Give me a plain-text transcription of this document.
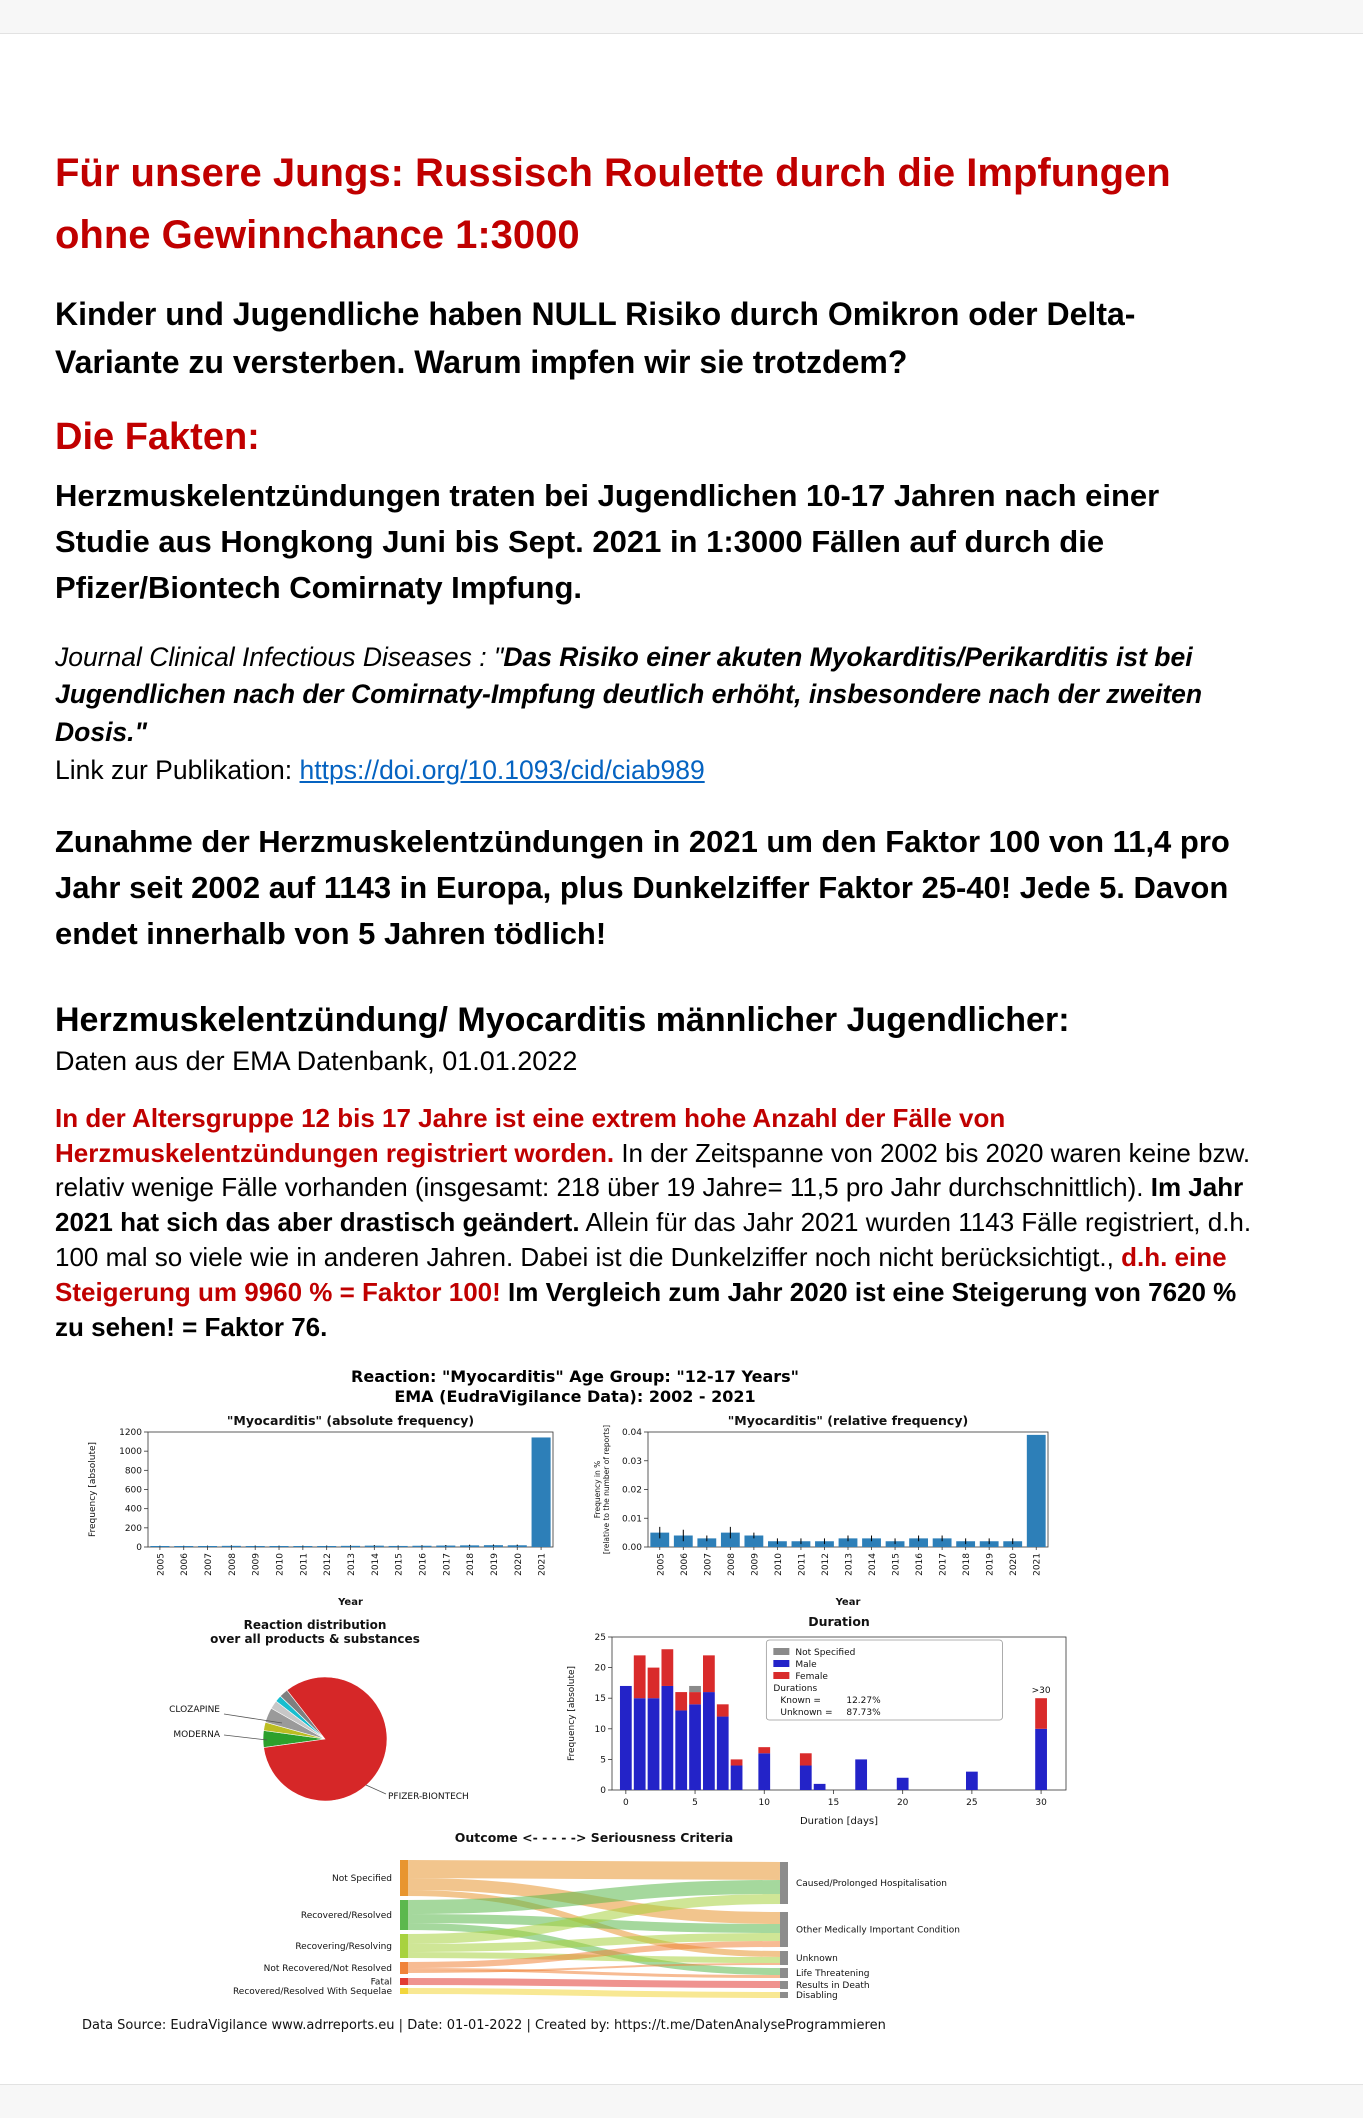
Für unsere Jungs: Russisch Roulette durch die Impfungen ohne Gewinnchance 1:3000

Kinder und Jugendliche haben NULL Risiko durch Omikron oder Delta-Variante zu versterben. Warum impfen wir sie trotzdem?

Die Fakten:

Herzmuskelentzündungen traten bei Jugendlichen 10-17 Jahren nach einer Studie aus Hongkong Juni bis Sept. 2021 in 1:3000 Fällen auf durch die Pfizer/Biontech Comirnaty Impfung.

Journal Clinical Infectious Diseases : "Das Risiko einer akuten Myokarditis/Perikarditis ist bei Jugendlichen nach der Comirnaty-Impfung deutlich erhöht, insbesondere nach der zweiten Dosis."
Link zur Publikation: https://doi.org/10.1093/cid/ciab989

Zunahme der Herzmuskelentzündungen in 2021 um den Faktor 100 von 11,4 pro Jahr seit 2002 auf 1143 in Europa, plus Dunkelziffer Faktor 25-40! Jede 5. Davon endet innerhalb von 5 Jahren tödlich!

Herzmuskelentzündung/ Myocarditis männlicher Jugendlicher:

Daten aus der EMA Datenbank, 01.01.2022

In der Altersgruppe 12 bis 17 Jahre ist eine extrem hohe Anzahl der Fälle von Herzmuskelentzündungen registriert worden. In der Zeitspanne von 2002 bis 2020 waren keine bzw. relativ wenige Fälle vorhanden (insgesamt: 218 über 19 Jahre= 11,5 pro Jahr durchschnittlich). Im Jahr 2021 hat sich das aber drastisch geändert. Allein für das Jahr 2021 wurden 1143 Fälle registriert, d.h. 100 mal so viele wie in anderen Jahren. Dabei ist die Dunkelziffer noch nicht berücksichtigt., d.h. eine Steigerung um 9960 % = Faktor 100! Im Vergleich zum Jahr 2020 ist eine Steigerung von 7620 % zu sehen! = Faktor 76.

Reaction: "Myocarditis" Age Group: "12-17 Years"
EMA (EudraVigilance Data): 2002 - 2021
"Myocarditis" (absolute frequency)
0
200
400
600
800
1000
1200
2005 2006 2007 2008 2009 2010 2011 2012 2013 2014 2015 2016 2017 2018 2019 2020 2021
Year
Frequency [absolute]
"Myocarditis" (relative frequency)
0.00
0.01
0.02
0.03
0.04
2005 2006 2007 2008 2009 2010 2011 2012 2013 2014 2015 2016 2017 2018 2019 2020 2021
Year
Frequency in % [relative to the number of reports]
Reaction distribution
over all products & substances
CLOZAPINE
MODERNA
PFIZER-BIONTECH
Duration
0
5
10
15
20
25
0	5	10	15	20	25	30
>30
Not Specified
Male
Female
Durations
Known =	12.27%
Unknown = 87.73%
Duration [days]
Frequency [absolute]
Outcome <- - - - -> Seriousness Criteria
Not Specified
Recovered/Resolved
Recovering/Resolving
Not Recovered/Not Resolved
Fatal
Recovered/Resolved With Sequelae
Caused/Prolonged Hospitalisation
Other Medically Important Condition
Unknown
Life Threatening
Results in Death
Disabling
Data Source: EudraVigilance www.adrreports.eu | Date: 01-01-2022 | Created by: https://t.me/DatenAnalyseProgrammieren
